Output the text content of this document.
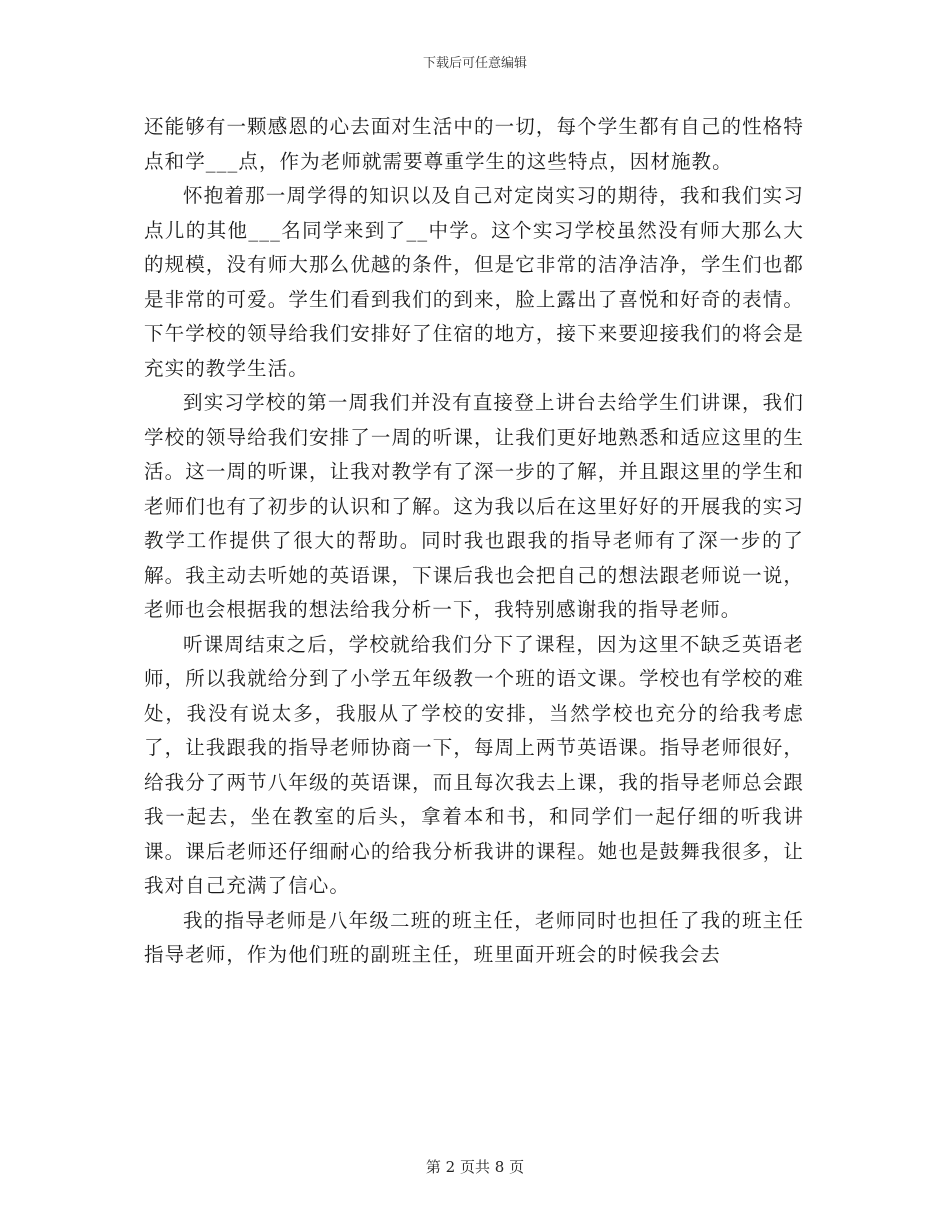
下载后可任意编辑

还能够有一颗感恩的心去面对生活中的一切，每个学生都有自己的性格特点和学___点，作为老师就需要尊重学生的这些特点，因材施教。

怀抱着那一周学得的知识以及自己对定岗实习的期待，我和我们实习点儿的其他___名同学来到了__中学。这个实习学校虽然没有师大那么大的规模，没有师大那么优越的条件，但是它非常的洁净洁净，学生们也都是非常的可爱。学生们看到我们的到来，脸上露出了喜悦和好奇的表情。下午学校的领导给我们安排好了住宿的地方，接下来要迎接我们的将会是充实的教学生活。

到实习学校的第一周我们并没有直接登上讲台去给学生们讲课，我们学校的领导给我们安排了一周的听课，让我们更好地熟悉和适应这里的生活。这一周的听课，让我对教学有了深一步的了解，并且跟这里的学生和老师们也有了初步的认识和了解。这为我以后在这里好好的开展我的实习教学工作提供了很大的帮助。同时我也跟我的指导老师有了深一步的了解。我主动去听她的英语课，下课后我也会把自己的想法跟老师说一说，老师也会根据我的想法给我分析一下，我特别感谢我的指导老师。

听课周结束之后，学校就给我们分下了课程，因为这里不缺乏英语老师，所以我就给分到了小学五年级教一个班的语文课。学校也有学校的难处，我没有说太多，我服从了学校的安排，当然学校也充分的给我考虑了，让我跟我的指导老师协商一下，每周上两节英语课。指导老师很好，给我分了两节八年级的英语课，而且每次我去上课，我的指导老师总会跟我一起去，坐在教室的后头，拿着本和书，和同学们一起仔细的听我讲课。课后老师还仔细耐心的给我分析我讲的课程。她也是鼓舞我很多，让我对自己充满了信心。

我的指导老师是八年级二班的班主任，老师同时也担任了我的班主任指导老师，作为他们班的副班主任，班里面开班会的时候我会去

第 2 页共 8 页
